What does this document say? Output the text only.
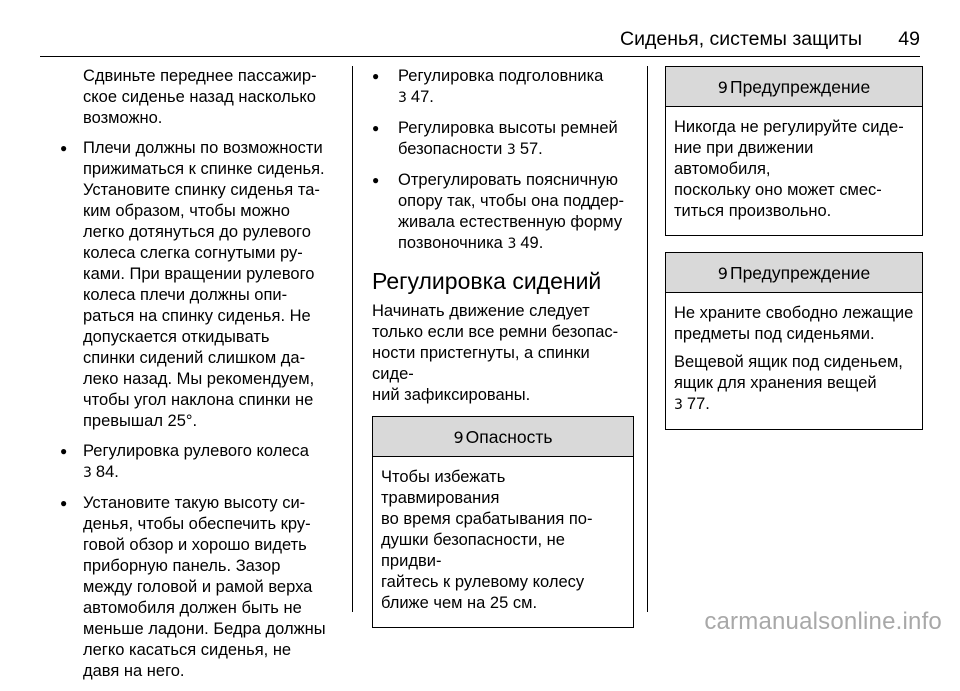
Сиденья, системы защиты 49

Сдвиньте переднее пассажир-
ское сиденье назад насколько
возможно.

● Плечи должны по возможности
прижиматься к спинке сиденья.
Установите спинку сиденья та-
ким образом, чтобы можно
легко дотянуться до рулевого
колеса слегка согнутыми ру-
ками. При вращении рулевого
колеса плечи должны опи-
раться на спинку сиденья. Не
допускается откидывать
спинки сидений слишком да-
леко назад. Мы рекомендуем,
чтобы угол наклона спинки не
превышал 25°.
● Регулировка рулевого колеса
3 84.
● Установите такую высоту си-
денья, чтобы обеспечить кру-
говой обзор и хорошо видеть
приборную панель. Зазор
между головой и рамой верха
автомобиля должен быть не
меньше ладони. Бедра должны
легко касаться сиденья, не
давя на него.
● Регулировка подголовника
3 47.
● Регулировка высоты ремней
безопасности 3 57.
● Отрегулировать поясничную
опору так, чтобы она поддер-
живала естественную форму
позвоночника 3 49.
Регулировка сидений

Начинать движение следует
только если все ремни безопас-
ности пристегнуты, а спинки сиде-
ний зафиксированы.

9 Опасность

Чтобы избежать травмирования
во время срабатывания по-
душки безопасности, не придви-
гайтесь к рулевому колесу
ближе чем на 25 см.

9 Предупреждение

Никогда не регулируйте сиде-
ние при движении автомобиля,
поскольку оно может смес-
титься произвольно.

9 Предупреждение

Не храните свободно лежащие
предметы под сиденьями.

Вещевой ящик под сиденьем,
ящик для хранения вещей
3 77.

carmanualsonline.info
